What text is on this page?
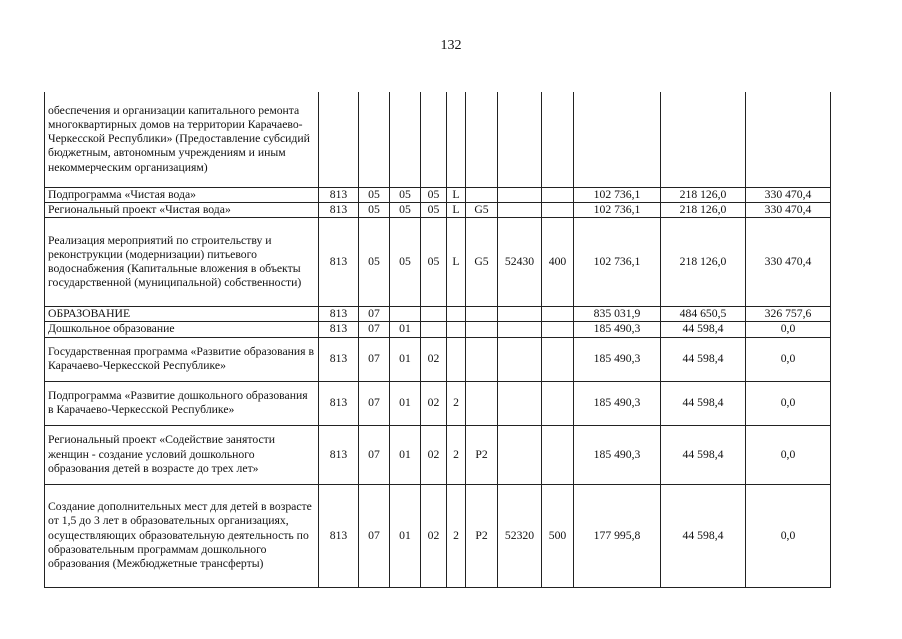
132
обеспечения и организации капитального ремонта многоквартирных домов на территории Карачаево-Черкесской Республики» (Предоставление субсидий бюджетным, автономным учреждениям и иным некоммерческим организациям)											
Подпрограмма «Чистая вода»	813	05	05	05	L				102 736,1	218 126,0	330 470,4
Региональный проект «Чистая вода»	813	05	05	05	L	G5			102 736,1	218 126,0	330 470,4
Реализация мероприятий по строительству и реконструкции (модернизации) питьевого водоснабжения (Капитальные вложения в объекты государственной (муниципальной) собственности)	813	05	05	05	L	G5	52430	400	102 736,1	218 126,0	330 470,4
ОБРАЗОВАНИЕ	813	07							835 031,9	484 650,5	326 757,6
Дошкольное образование	813	07	01						185 490,3	44 598,4	0,0
Государственная программа «Развитие образования в Карачаево-Черкесской Республике»	813	07	01	02					185 490,3	44 598,4	0,0
Подпрограмма «Развитие дошкольного образования в Карачаево-Черкесской Республике»	813	07	01	02	2				185 490,3	44 598,4	0,0
Региональный проект «Содействие занятости женщин - создание условий дошкольного образования детей в возрасте до трех лет»	813	07	01	02	2	P2			185 490,3	44 598,4	0,0
Создание дополнительных мест для детей в возрасте от 1,5 до 3 лет в образовательных организациях, осуществляющих образовательную деятельность по образовательным программам дошкольного образования (Межбюджетные трансферты)	813	07	01	02	2	P2	52320	500	177 995,8	44 598,4	0,0
